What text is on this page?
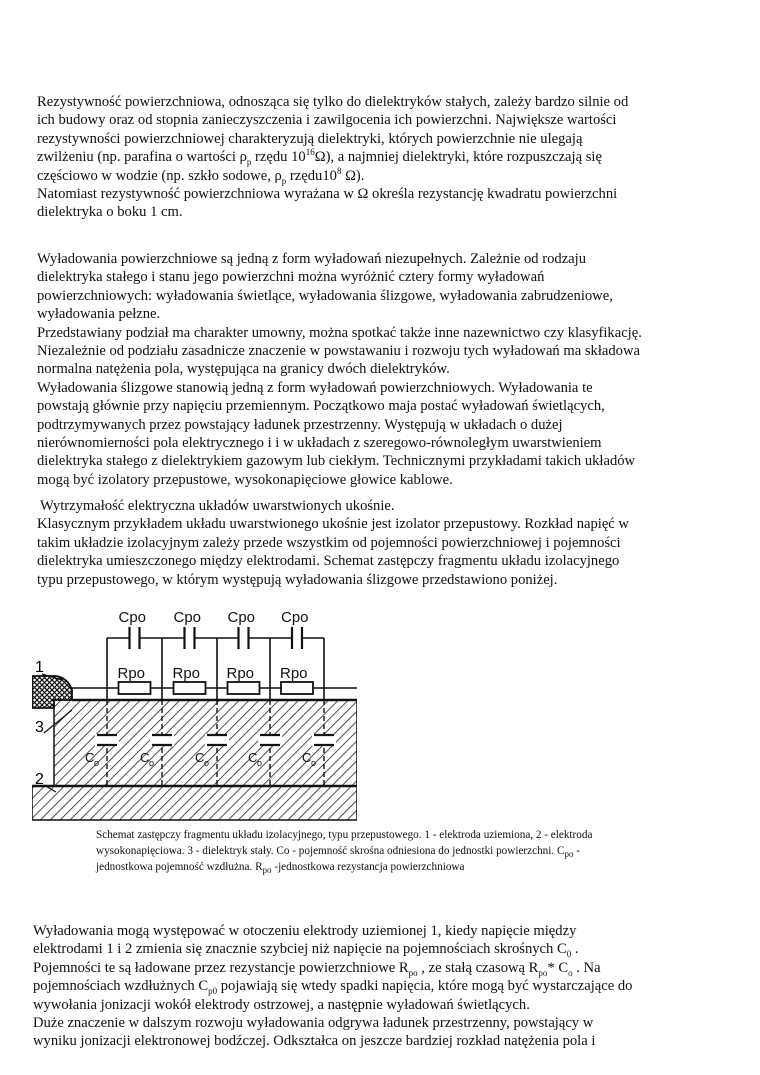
Rezystywność powierzchniowa, odnosząca się tylko do dielektryków stałych, zależy bardzo silnie od
ich budowy oraz od stopnia zanieczyszczenia i zawilgocenia ich powierzchni. Największe wartości
rezystywności powierzchniowej charakteryzują dielektryki, których powierzchnie nie ulegają
zwilżeniu (np. parafina o wartości $\rho_p$ rzędu $10^{16}\Omega$), a najmniej dielektryki, które rozpuszczają się
częściowo w wodzie (np. szkło sodowe, $\rho_p$ $rzędu10^8$ Ω).
Natomiast rezystywność powierzchniowa wyrażana w Ω określa rezystancję kwadratu powierzchni
dielektryka o boku 1 cm.
Wyładowania powierzchniowe są jedną z form wyładowań niezupełnych. Zależnie od rodzaju
dielektryka stałego i stanu jego powierzchni można wyróżnić cztery formy wyładowań
powierzchniowych: wyładowania świetlące, wyładowania ślizgowe, wyładowania zabrudzeniowe,
wyładowania pełzne.
Przedstawiany podział ma charakter umowny, można spotkać także inne nazewnictwo czy klasyfikację.
Niezależnie od podziału zasadnicze znaczenie w powstawaniu i rozwoju tych wyładowań ma składowa
normalna natężenia pola, występująca na granicy dwóch dielektryków.
Wyładowania ślizgowe stanowią jedną z form wyładowań powierzchniowych. Wyładowania te
powstają głównie przy napięciu przemiennym. Początkowo maja postać wyładowań świetlących,
podtrzymywanych przez powstający ładunek przestrzenny. Występują w układach o dużej
nierównomierności pola elektrycznego i i w układach z szeregowo-równoległym uwarstwieniem
dielektryka stałego z dielektrykiem gazowym lub ciekłym. Technicznymi przykładami takich układów
mogą być izolatory przepustowe, wysokonapięciowe głowice kablowe.
Wytrzymałość elektryczna układów uwarstwionych ukośnie.
Klasycznym przykładem układu uwarstwionego ukośnie jest izolator przepustowy. Rozkład napięć w
takim układzie izolacyjnym zależy przede wszystkim od pojemności powierzchniowej i pojemności
dielektryka umieszczonego między elektrodami. Schemat zastępczy fragmentu układu izolacyjnego
typu przepustowego, w którym występują wyładowania ślizgowe przedstawiono poniżej.
C o	C o	C o	C o	C o
Cpo
Rpo
Cpo
Rpo
Cpo
Rpo
Cpo
Rpo
1
3
2
Schemat zastępczy fragmentu układu izolacyjnego, typu przepustowego. 1 - elektroda uziemiona, 2 - elektroda
wysokonapięciowa. 3 - dielektryk stały. Co - pojemność skrośna odniesiona do jednostki powierzchni. $C_{po}$ -
jednostkowa pojemność wzdłużna. $R_{po}$ -jednostkowa rezystancja powierzchniowa
Wyładowania mogą występować w otoczeniu elektrody uziemionej 1, kiedy napięcie między
elektrodami 1 i 2 zmienia się znacznie szybciej niż napięcie na pojemnościach skrośnych $C_0$ .
Pojemności te są ładowane przez rezystancje powierzchniowe $R_{po}$ , ze stałą czasową $R_{po}*$ $C_o$ . Na
pojemnościach wzdłużnych $C_{p0}$ pojawiają się wtedy spadki napięcia, które mogą być wystarczające do
wywołania jonizacji wokół elektrody ostrzowej, a następnie wyładowań świetlących.
Duże znaczenie w dalszym rozwoju wyładowania odgrywa ładunek przestrzenny, powstający w
wyniku jonizacji elektronowej bodźczej. Odkształca on jeszcze bardziej rozkład natężenia pola i
